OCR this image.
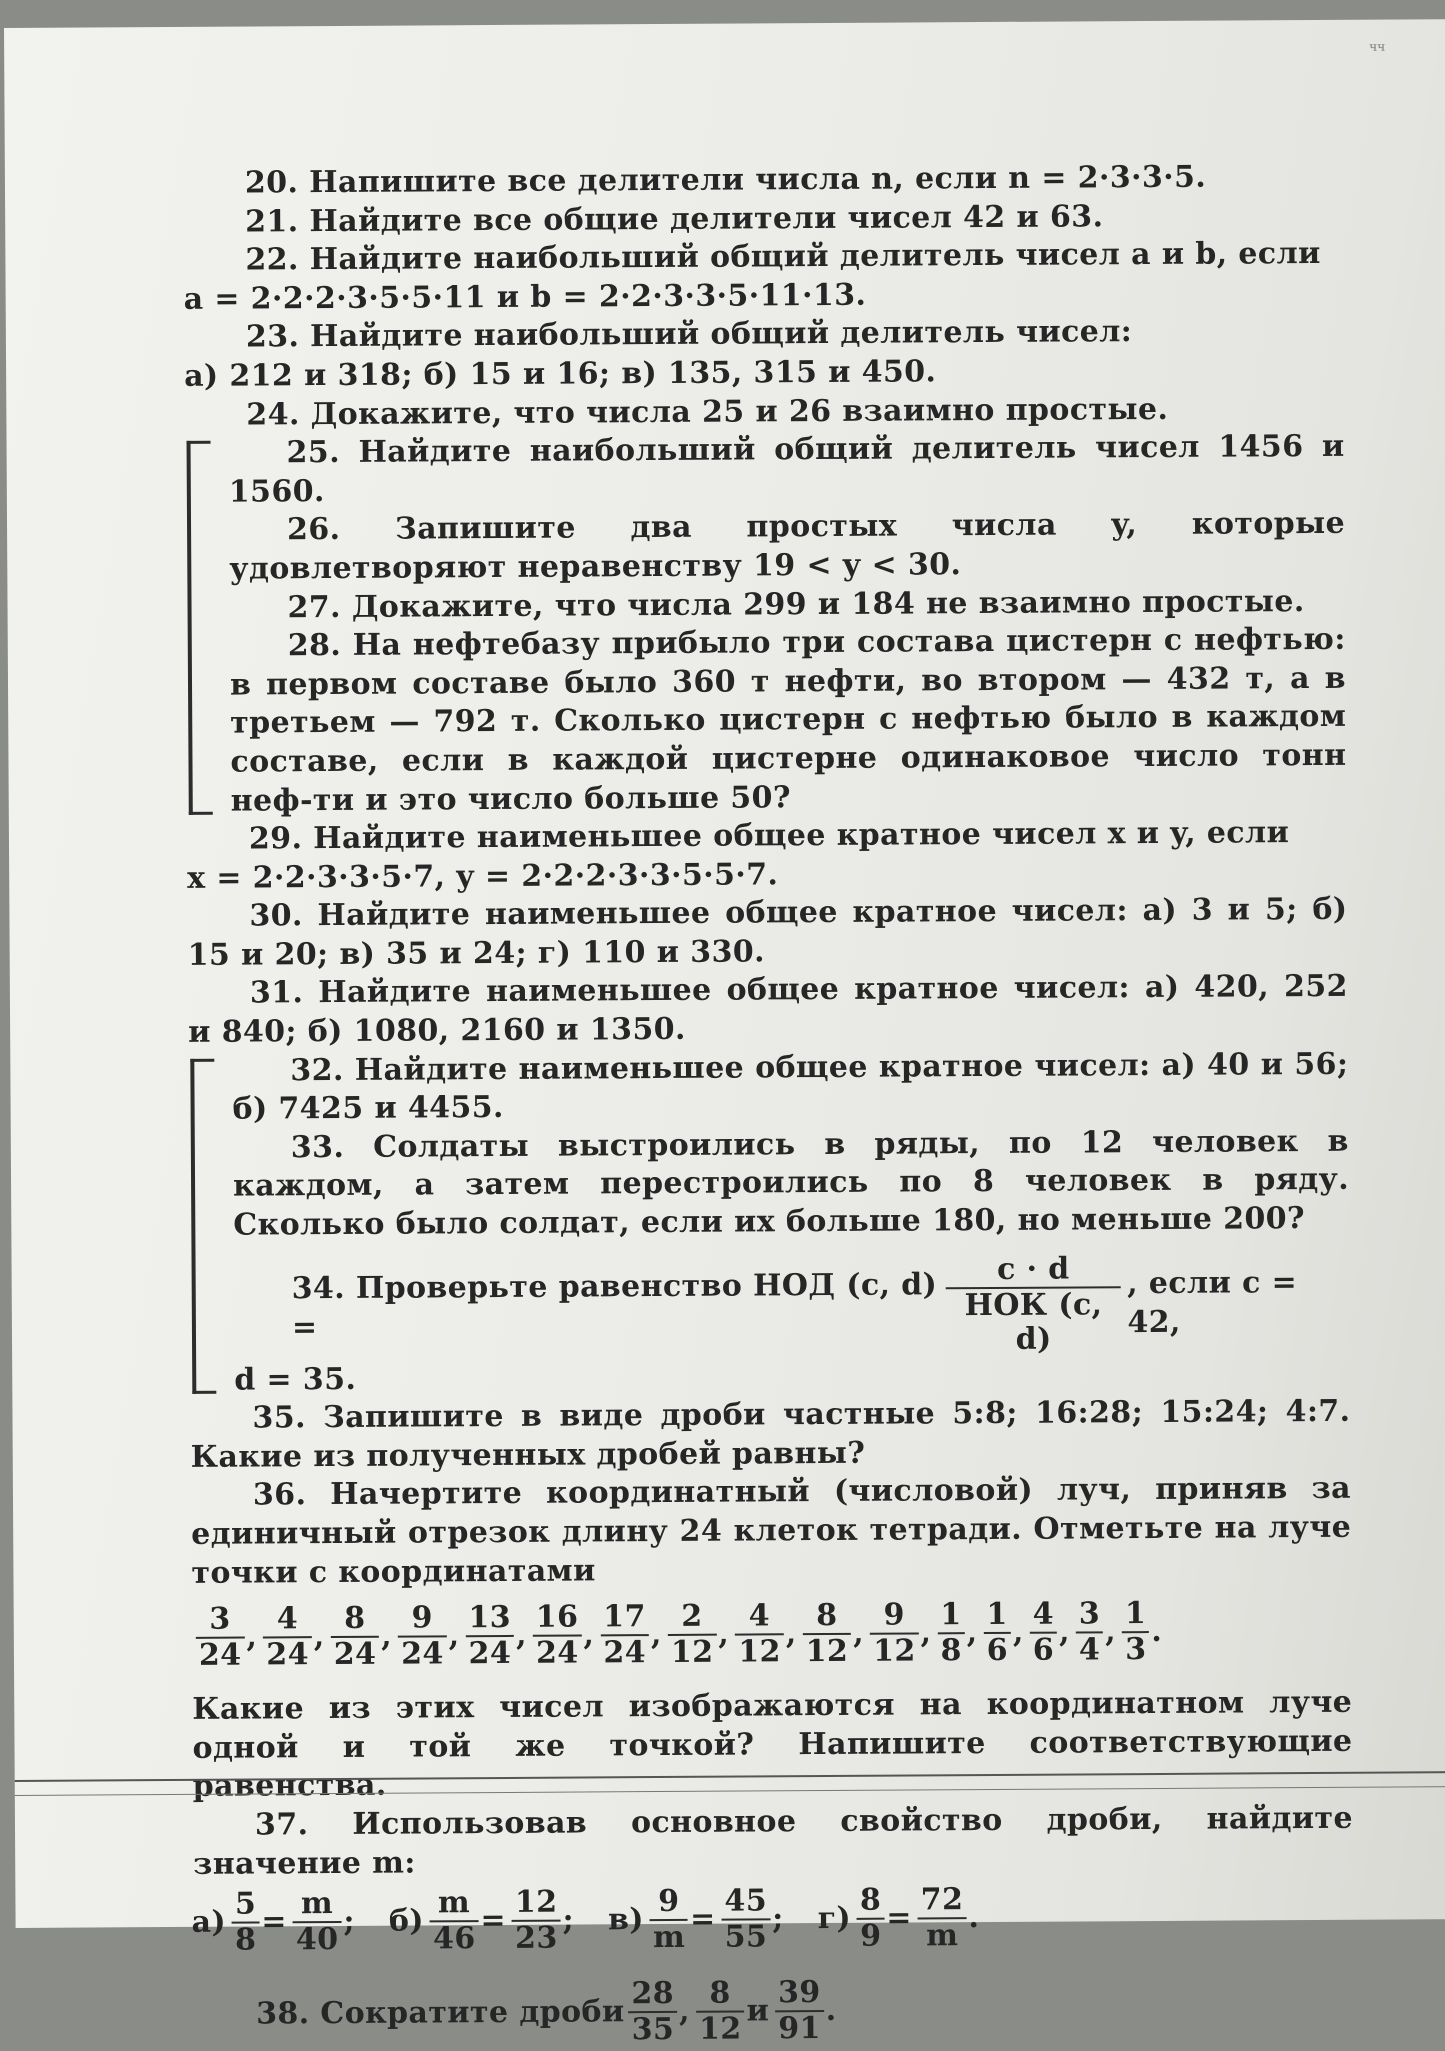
чч

20. Напишите все делители числа n, если n = 2·3·3·5.

21. Найдите все общие делители чисел 42 и 63.

22. Найдите наибольший общий делитель чисел a и b, если

a = 2·2·2·3·5·5·11 и b = 2·2·3·3·5·11·13.

23. Найдите наибольший общий делитель чисел:

а) 212 и 318; б) 15 и 16; в) 135, 315 и 450.

24. Докажите, что числа 25 и 26 взаимно простые.

25. Найдите наибольший общий делитель чисел 1456 и 1560.

26. Запишите два простых числа y, которые удовлетворяют неравенству 19 < y < 30.

27. Докажите, что числа 299 и 184 не взаимно простые.

28. На нефтебазу прибыло три состава цистерн с нефтью: в первом составе было 360 т нефти, во втором — 432 т, а в третьем — 792 т. Сколько цистерн с нефтью было в каждом составе, если в каждой цистерне одинаковое число тонн неф-ти и это число больше 50?

29. Найдите наименьшее общее кратное чисел x и y, если

x = 2·2·3·3·5·7, y = 2·2·2·3·3·5·5·7.

30. Найдите наименьшее общее кратное чисел: а) 3 и 5; б) 15 и 20; в) 35 и 24; г) 110 и 330.

31. Найдите наименьшее общее кратное чисел: а) 420, 252 и 840; б) 1080, 2160 и 1350.

32. Найдите наименьшее общее кратное чисел: а) 40 и 56; б) 7425 и 4455.

33. Солдаты выстроились в ряды, по 12 человек в каждом, а затем перестроились по 8 человек в ряду. Сколько было солдат, если их больше 180, но меньше 200?

34. Проверьте равенство НОД (c, d) =	$\frac{c \cdot d}{\text{НОК (c, d)}}$ , если c = 42,

d = 35.

35. Запишите в виде дроби частные 5:8; 16:28; 15:24; 4:7. Какие из полученных дробей равны?

36. Начертите координатный (числовой) луч, приняв за единичный отрезок длину 24 клеток тетради. Отметьте на луче точки с координатами

$\frac{3}{24}$ , $\frac{4}{24}$ , $\frac{8}{24}$ , $\frac{9}{24}$ , $\frac{13}{24}$ , $\frac{16}{24}$ , $\frac{17}{24}$ , $\frac{2}{12}$ , $\frac{4}{12}$ , $\frac{8}{12}$ , $\frac{9}{12}$ , $\frac{1}{8}$ , $\frac{1}{6}$ , $\frac{4}{6}$ , $\frac{3}{4}$ , $\frac{1}{3}$ .

Какие из этих чисел изображаются на координатном луче одной и той же точкой? Напишите соответствующие равенства.

37. Использовав основное свойство дроби, найдите значение m:

$а) \frac{5}{8} = \frac{m}{40}$ ; $б) \frac{m}{46} = \frac{12}{23}$ ; $в) \frac{9}{m} = \frac{45}{55}$ ; $г) \frac{8}{9} = \frac{72}{m}$ .
38. Сократите дроби $\frac{28}{35}$ , $\frac{8}{12}$ и $\frac{39}{91}$ .
